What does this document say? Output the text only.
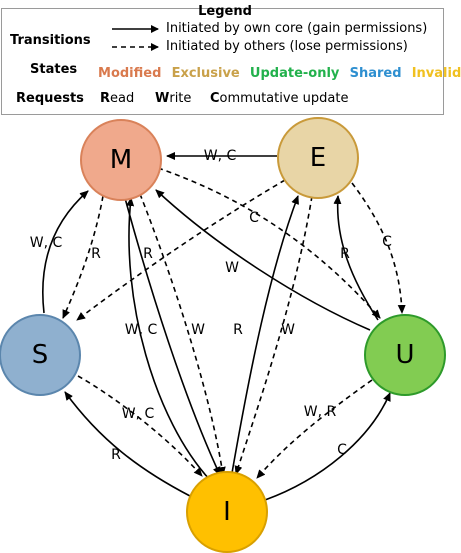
Legend
Transitions
Initiated by own core (gain permissions)
Initiated by others (lose permissions)
States Modified Exclusive Update-only Shared Invalid
Requests Read Write Commutative update
M	E
S	U
I
W, C
W, C
R	R
W, C W
W
C
C
R
R	W
W, C
R
W, R
C
